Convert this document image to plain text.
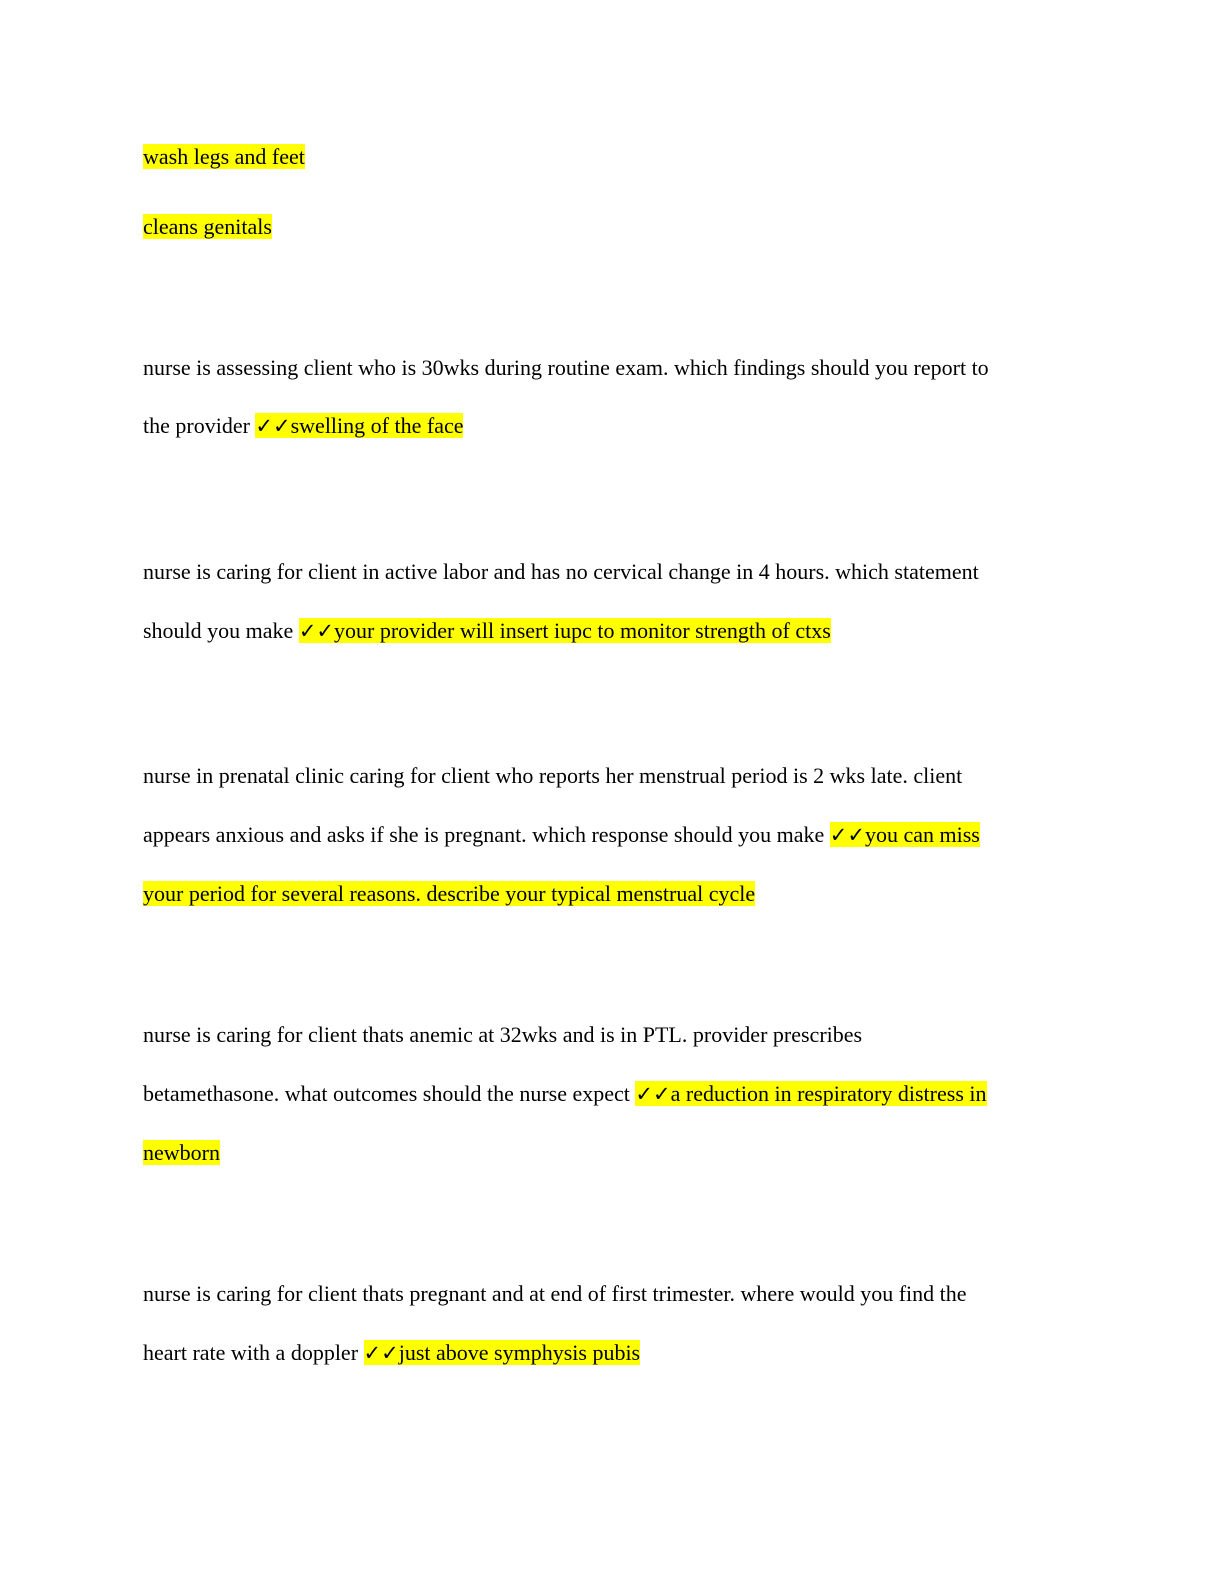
wash legs and feet
cleans genitals
nurse is assessing client who is 30wks during routine exam. which findings should you report to
the provider ✓✓swelling of the face
nurse is caring for client in active labor and has no cervical change in 4 hours. which statement
should you make ✓✓your provider will insert iupc to monitor strength of ctxs
nurse in prenatal clinic caring for client who reports her menstrual period is 2 wks late. client
appears anxious and asks if she is pregnant. which response should you make ✓✓you can miss
your period for several reasons. describe your typical menstrual cycle
nurse is caring for client thats anemic at 32wks and is in PTL. provider prescribes
betamethasone. what outcomes should the nurse expect ✓✓a reduction in respiratory distress in
newborn
nurse is caring for client thats pregnant and at end of first trimester. where would you find the
heart rate with a doppler ✓✓just above symphysis pubis
